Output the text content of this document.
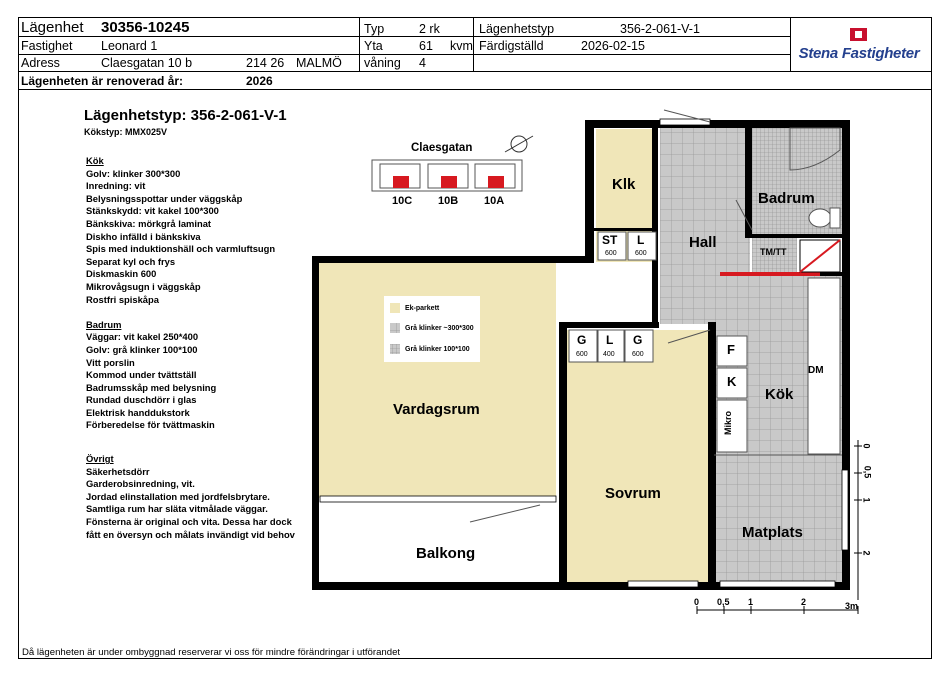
Lägenhet 30356-10245
Fastighet Leonard 1
Adress	Claesgatan 10 b	214 26 MALMÖ
Lägenheten är renoverad år:	2026
Typ	2 rk
Yta	61 kvm
våning 4
Lägenhetstyp	356-2-061-V-1
Färdigställd	2026-02-15	Stena Fastigheter
Lägenhetstyp: 356-2-061-V-1
Kökstyp: MMX025V
Kök
Golv: klinker 300*300
Inredning: vit
Belysningsspottar under väggskåp
Stänkskydd: vit kakel 100*300
Bänkskiva: mörkgrå laminat
Diskho infälld i bänkskiva
Spis med induktionshäll och varmluftsugn
Separat kyl och frys
Diskmaskin 600
Mikrovågsugn i väggskåp
Rostfri spiskåpa
Badrum
Väggar: vit kakel 250*400
Golv: grå klinker 100*100
Vitt porslin
Kommod under tvättställ
Badrumsskåp med belysning
Rundad duschdörr i glas
Elektrisk handdukstork
Förberedelse för tvättmaskin
Övrigt
Säkerhetsdörr
Garderobsinredning, vit.
Jordad elinstallation med jordfelsbrytare.
Samtliga rum har släta vitmålade väggar.
Fönsterna är original och vita. Dessa har dock
fått en översyn och målats invändigt vid behov
Claesgatan
10C 10B 10A
Ek-parkett
Grå klinker ~300*300
Grå klinker 100*100
Klk
Hall
Badrum
TM/TT
Vardagsrum
Sovrum
Balkong
Kök
Matplats
DM
F
K
Mikro
ST
600
L
600
G
600
L
400
G
600
0 0,5 1	2	3m
0
0,5
1
2
Då lägenheten är under ombyggnad reserverar vi oss för mindre förändringar i utförandet
